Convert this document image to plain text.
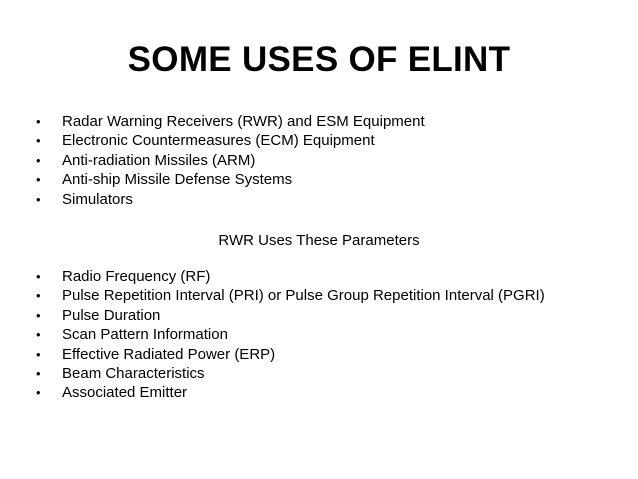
SOME USES OF ELINT
•	Radar Warning Receivers (RWR) and ESM Equipment
•	Electronic Countermeasures (ECM) Equipment
•	Anti-radiation Missiles (ARM)
•	Anti-ship Missile Defense Systems
•	Simulators
RWR Uses These Parameters
•	Radio Frequency (RF)
•	Pulse Repetition Interval (PRI) or Pulse Group Repetition Interval (PGRI)
•	Pulse Duration
•	Scan Pattern Information
•	Effective Radiated Power (ERP)
•	Beam Characteristics
•	Associated Emitter
